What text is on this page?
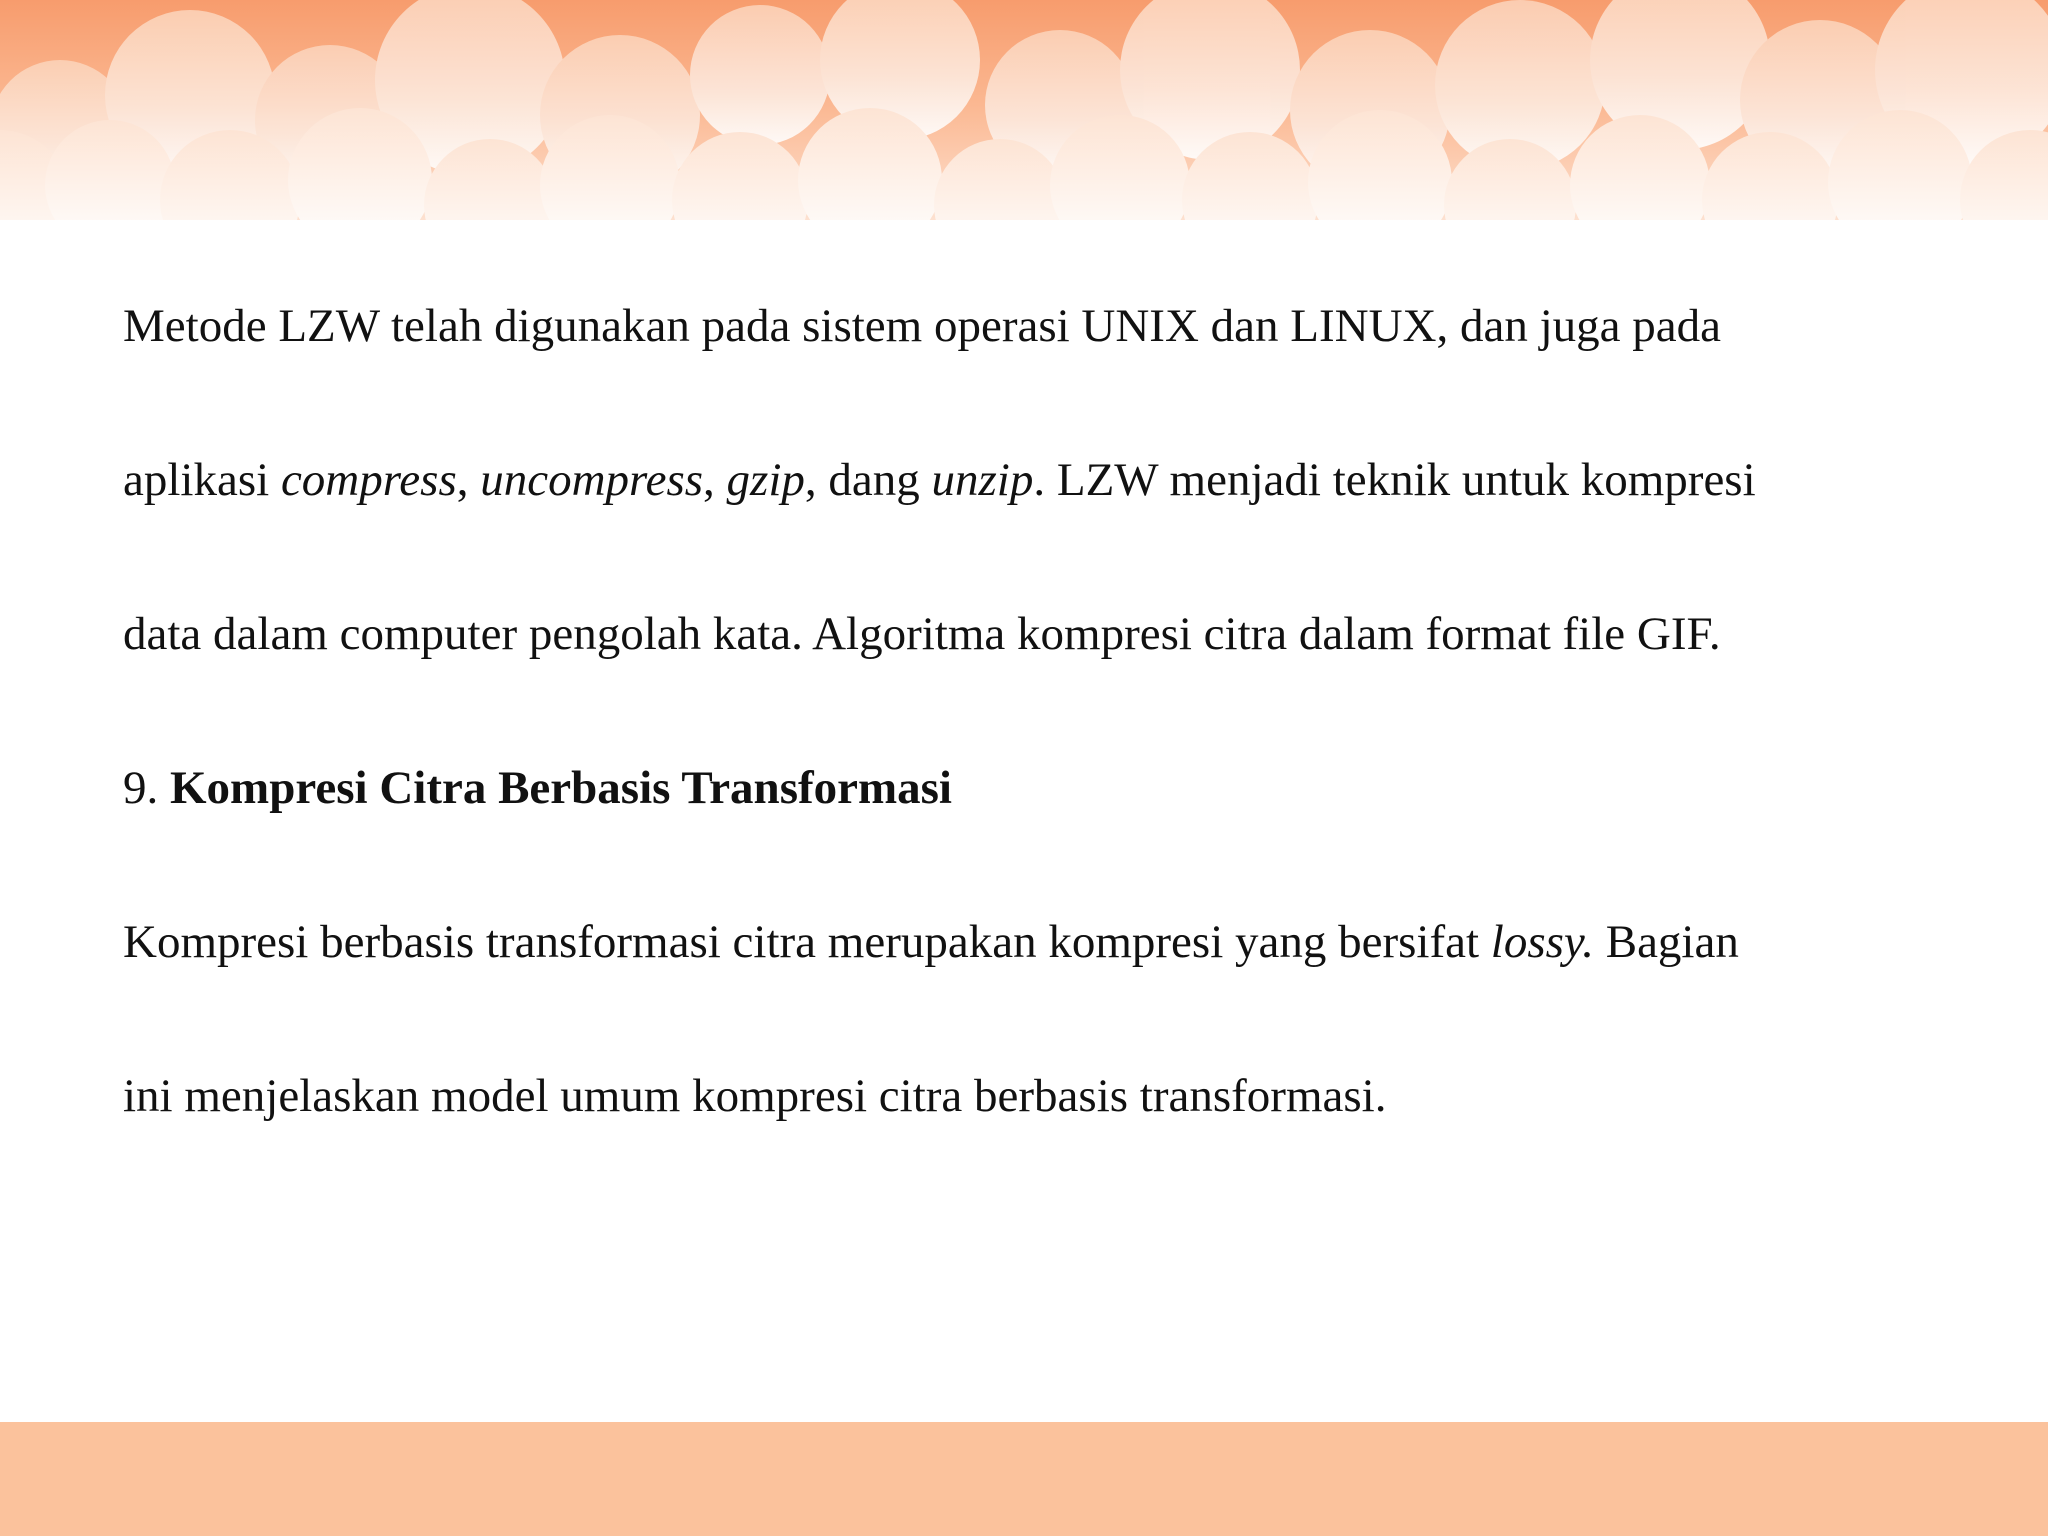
Metode LZW telah digunakan pada sistem operasi UNIX dan LINUX, dan juga pada
aplikasi compress, uncompress, gzip, dang unzip. LZW menjadi teknik untuk kompresi
data dalam computer pengolah kata. Algoritma kompresi citra dalam format file GIF.
9. Kompresi Citra Berbasis Transformasi
Kompresi berbasis transformasi citra merupakan kompresi yang bersifat lossy. Bagian
ini menjelaskan model umum kompresi citra berbasis transformasi.
